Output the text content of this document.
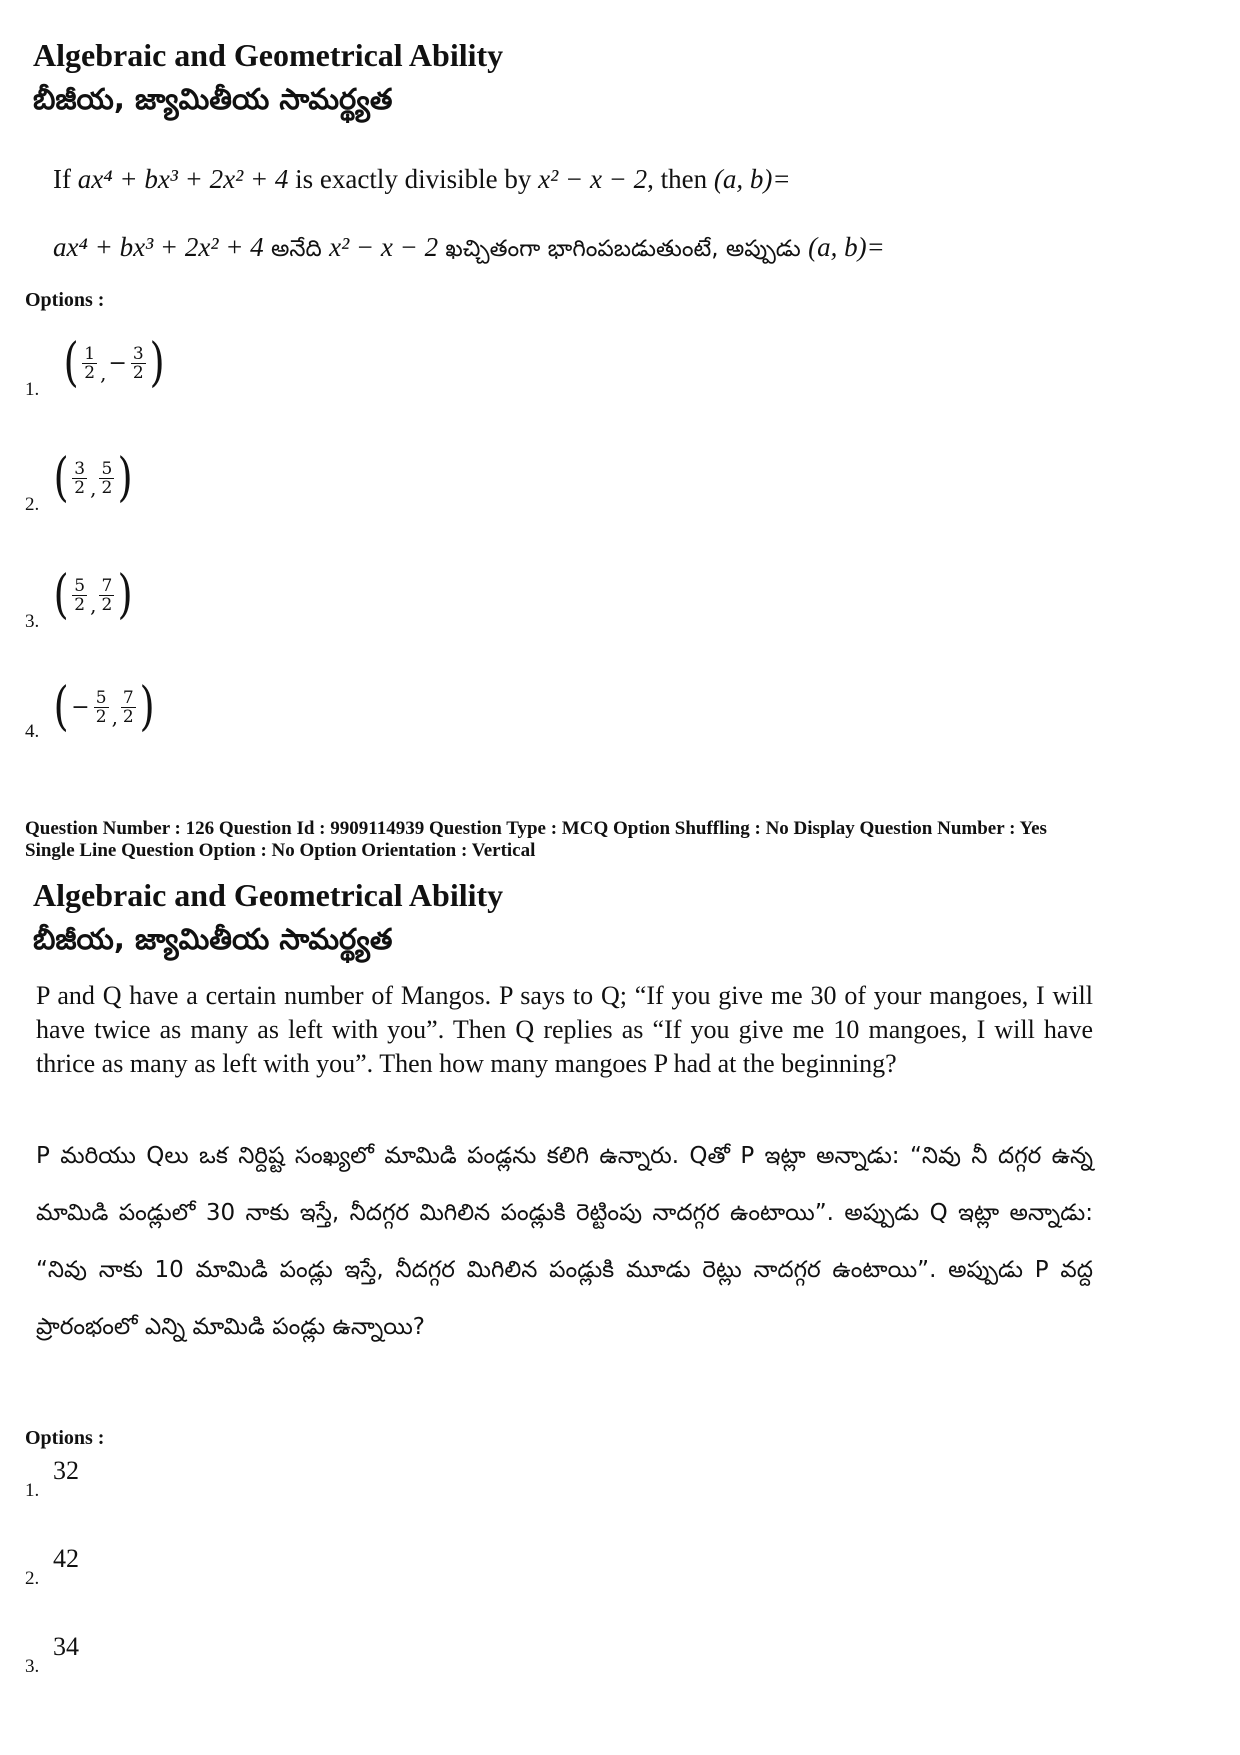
Algebraic and Geometrical Ability
బీజీయ, జ్యామితీయ సామర్థ్యత
If ax⁴ + bx³ + 2x² + 4 is exactly divisible by x² − x − 2, then (a, b)=
ax⁴ + bx³ + 2x² + 4 అనేది x² − x − 2 ఖచ్చితంగా భాగింపబడుతుంటే, అప్పుడు (a, b)=
Options :
1. ( $\frac{1}{2}$ , − $\frac{3}{2}$ )
2. ( $\frac{3}{2}$ , $\frac{5}{2}$ )
3. ( $\frac{5}{2}$ , $\frac{7}{2}$ )
4. ( − $\frac{5}{2}$ , $\frac{7}{2}$ )
Question Number : 126 Question Id : 9909114939 Question Type : MCQ Option Shuffling : No Display Question Number : Yes
Single Line Question Option : No Option Orientation : Vertical
Algebraic and Geometrical Ability
బీజీయ, జ్యామితీయ సామర్థ్యత
P and Q have a certain number of Mangos. P says to Q; “If you give me 30 of your mangoes, I will have twice as many as left with you”. Then Q replies as “If you give me 10 mangoes, I will have thrice as many as left with you”. Then how many mangoes P had at the beginning?
P మరియు Qలు ఒక నిర్దిష్ట సంఖ్యలో మామిడి పండ్లను కలిగి ఉన్నారు. Qతో P ఇట్లా అన్నాడు: “నివు నీ దగ్గర ఉన్న మామిడి పండ్లులో 30 నాకు ఇస్తే, నీదగ్గర మిగిలిన పండ్లుకి రెట్టింపు నాదగ్గర ఉంటాయి”. అప్పుడు Q ఇట్లా అన్నాడు: “నివు నాకు 10 మామిడి పండ్లు ఇస్తే, నీదగ్గర మిగిలిన పండ్లుకి మూడు రెట్లు నాదగ్గర ఉంటాయి”. అప్పుడు P వద్ద ప్రారంభంలో ఎన్ని మామిడి పండ్లు ఉన్నాయి?
Options :
1.
32
2.
42
3.
34
